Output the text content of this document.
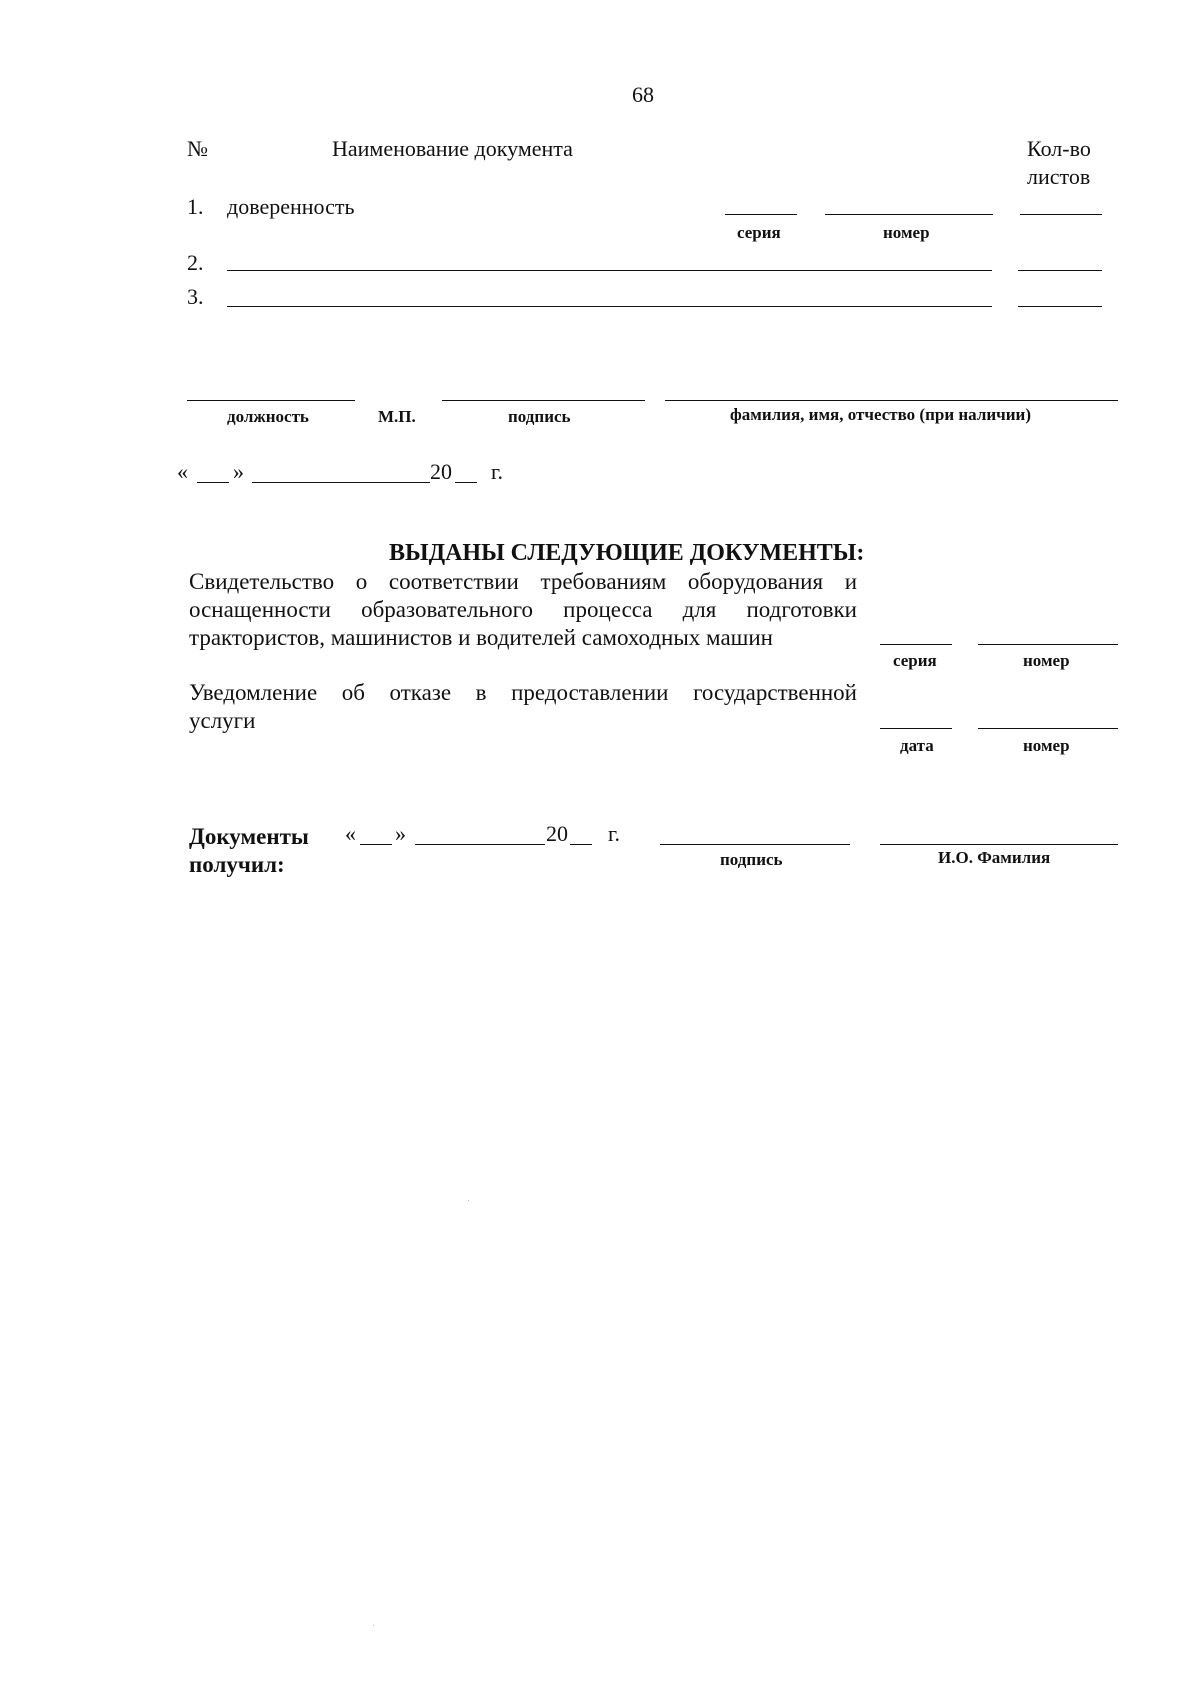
68
№	Наименование документа	Кол-во
листов
1. доверенность
серия	номер
2.
3.
должность	М.П.	подпись	фамилия, имя, отчество (при наличии)
« »	20 г.
ВЫДАНЫ СЛЕДУЮЩИЕ ДОКУМЕНТЫ:
Свидетельство о соответствии требованиям оборудования и
оснащенности образовательного процесса для подготовки
трактористов, машинистов и водителей самоходных машин
серия	номер
Уведомление об отказе в предоставлении государственной
услуги
дата	номер
Документы
получил:
« »	20 г.
подпись	И.О. Фамилия
